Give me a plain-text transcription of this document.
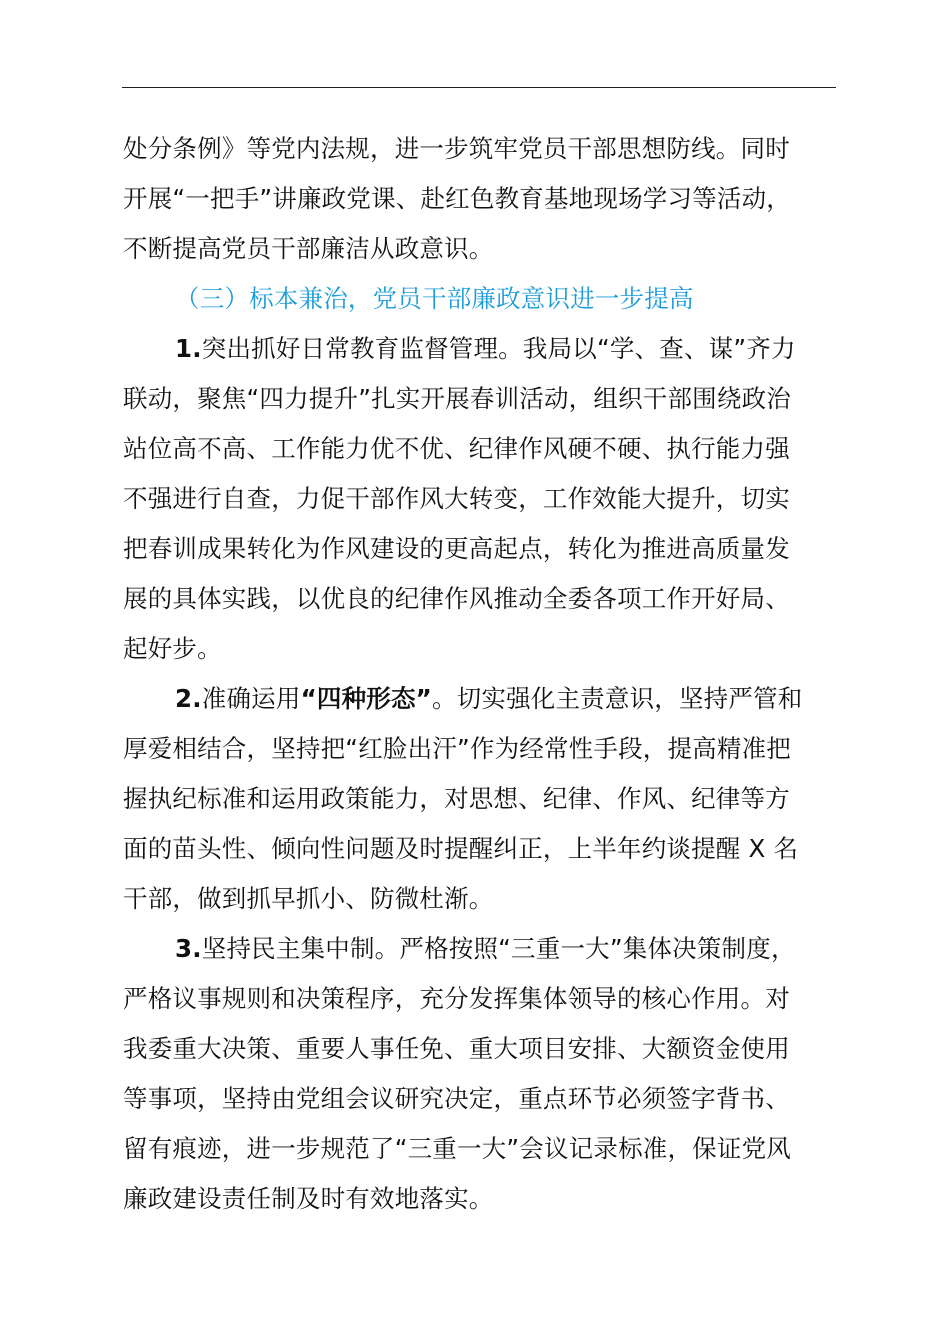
处分条例》等党内法规，进一步筑牢党员干部思想防线。同时
开展“一把手”讲廉政党课、赴红色教育基地现场学习等活动，
不断提高党员干部廉洁从政意识。
（三）标本兼治，党员干部廉政意识进一步提高
1.突出抓好日常教育监督管理。我局以“学、查、谋”齐力
联动，聚焦“四力提升”扎实开展春训活动，组织干部围绕政治
站位高不高、工作能力优不优、纪律作风硬不硬、执行能力强
不强进行自查，力促干部作风大转变，工作效能大提升，切实
把春训成果转化为作风建设的更高起点，转化为推进高质量发
展的具体实践，以优良的纪律作风推动全委各项工作开好局、
起好步。
2.准确运用“四种形态”。切实强化主责意识，坚持严管和
厚爱相结合，坚持把“红脸出汗”作为经常性手段，提高精准把
握执纪标准和运用政策能力，对思想、纪律、作风、纪律等方
面的苗头性、倾向性问题及时提醒纠正，上半年约谈提醒 X 名
干部，做到抓早抓小、防微杜渐。
3.坚持民主集中制。严格按照“三重一大”集体决策制度，
严格议事规则和决策程序，充分发挥集体领导的核心作用。对
我委重大决策、重要人事任免、重大项目安排、大额资金使用
等事项，坚持由党组会议研究决定，重点环节必须签字背书、
留有痕迹，进一步规范了“三重一大”会议记录标准，保证党风
廉政建设责任制及时有效地落实。
